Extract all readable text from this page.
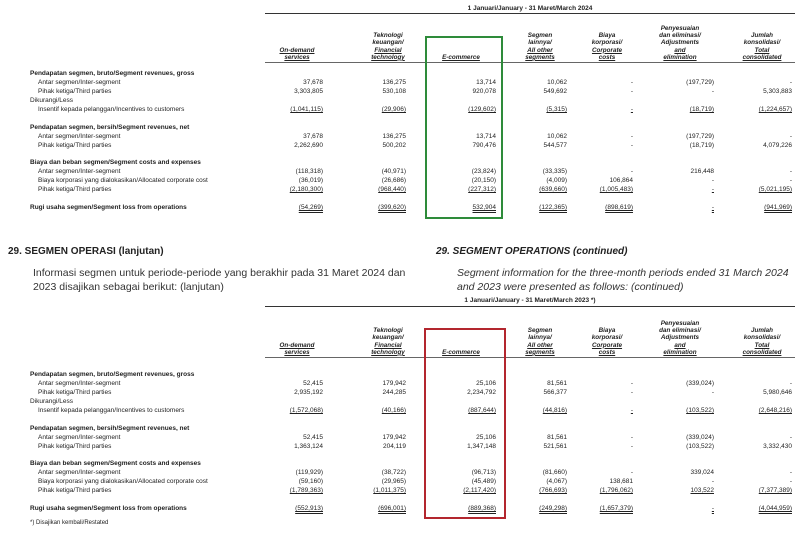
1 Januari/January - 31 Maret/March 2024
On-demand
services
Teknologi
keuangan/
Financial
technology	E-commerce
Segmen
lainnya/
All other
segments
Biaya
korporasi/
Corporate
costs
Penyesuaian
dan eliminasi/
Adjustments
and
elimination
Jumlah
konsolidasi/
Total
consolidated
Pendapatan segmen, bruto/Segment revenues, gross
Antar segmen/Inter-segment	37,678	136,275	13,714	10,062	-	(197,729)	-
Pihak ketiga/Third parties	3,303,805	530,108	920,078	549,692	-	-	5,303,883
Dikurangi/Less
Insentif kepada pelanggan/Incentives to customers	(1,041,115)	(29,906)	(129,602)	(5,315)	-	(18,719)	(1,224,657)
Pendapatan segmen, bersih/Segment revenues, net
Antar segmen/Inter-segment	37,678	136,275	13,714	10,062	-	(197,729)	-
Pihak ketiga/Third parties	2,262,690	500,202	790,476	544,577	-	(18,719)	4,079,226
Biaya dan beban segmen/Segment costs and expenses
Antar segmen/Inter-segment	(118,318)	(40,971)	(23,824)	(33,335)	-	216,448	-
Biaya korporasi yang dialokasikan/Allocated corporate cost	(36,019)	(26,686)	(20,150)	(4,009)	106,864	-	-
Pihak ketiga/Third parties	(2,180,300)	(968,440)	(227,312)	(639,660)	(1,005,483)	-	(5,021,195)
Rugi usaha segmen/Segment loss from operations	(54,269)	(399,620)	532,904	(122,365)	(898,619)	-	(941,969)
29. SEGMEN OPERASI (lanjutan)	29. SEGMENT OPERATIONS (continued)
Informasi segmen untuk periode-periode yang berakhir pada 31 Maret 2024 dan 2023 disajikan sebagai berikut: (lanjutan)
Segment information for the three-month periods ended 31 March 2024 and 2023 were presented as follows: (continued)
1 Januari/January - 31 Maret/March 2023 *)
On-demand
services
Teknologi
keuangan/
Financial
technology	E-commerce
Segmen
lainnya/
All other
segments
Biaya
korporasi/
Corporate
costs
Penyesuaian
dan eliminasi/
Adjustments
and
elimination
Jumlah
konsolidasi/
Total
consolidated
Pendapatan segmen, bruto/Segment revenues, gross
Antar segmen/Inter-segment	52,415	179,942	25,106	81,561	-	(339,024)	-
Pihak ketiga/Third parties	2,935,192	244,285	2,234,792	566,377	-	-	5,980,646
Dikurangi/Less
Insentif kepada pelanggan/Incentives to customers	(1,572,068)	(40,166)	(887,644)	(44,816)	-	(103,522)	(2,648,216)
Pendapatan segmen, bersih/Segment revenues, net
Antar segmen/Inter-segment	52,415	179,942	25,106	81,561	-	(339,024)	-
Pihak ketiga/Third parties	1,363,124	204,119	1,347,148	521,561	-	(103,522)	3,332,430
Biaya dan beban segmen/Segment costs and expenses
Antar segmen/Inter-segment	(119,929)	(38,722)	(96,713)	(81,660)	-	339,024	-
Biaya korporasi yang dialokasikan/Allocated corporate cost	(59,160)	(29,965)	(45,489)	(4,067)	138,681	-	-
Pihak ketiga/Third parties	(1,789,363)	(1,011,375)	(2,117,420)	(766,693)	(1,796,062)	103,522	(7,377,389)
Rugi usaha segmen/Segment loss from operations	(552,913)	(696,001)	(889,368)	(249,298)	(1,657,379)	-	(4,044,959)
*) Disajikan kembali/Restated
